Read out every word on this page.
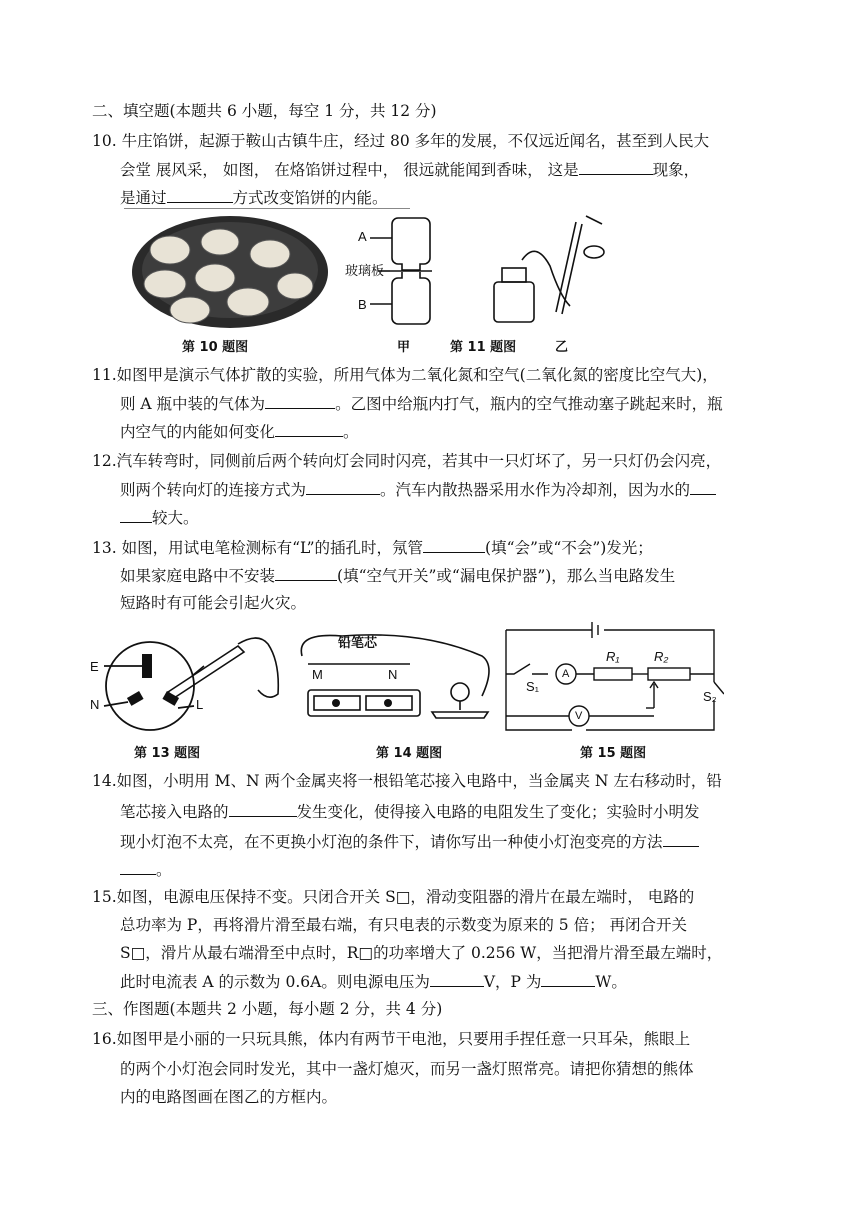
二、填空题(本题共 6 小题，每空 1 分，共 12 分)
10. 牛庄馅饼，起源于鞍山古镇牛庄，经过 80 多年的发展，不仅远近闻名，甚至到人民大
会堂 展风采， 如图， 在烙馅饼过程中， 很远就能闻到香味， 这是	现象，
是通过	方式改变馅饼的内能。
第 10 题图
A
玻璃板
B
甲	第 11 题图	乙
11.如图甲是演示气体扩散的实验，所用气体为二氧化氮和空气(二氧化氮的密度比空气大)，
则 A 瓶中装的气体为	。乙图中给瓶内打气，瓶内的空气推动塞子跳起来时，瓶
内空气的内能如何变化	。
12.汽车转弯时，同侧前后两个转向灯会同时闪亮，若其中一只灯坏了，另一只灯仍会闪亮，
则两个转向灯的连接方式为	。汽车内散热器采用水作为冷却剂，因为水的
较大。
13. 如图，用试电笔检测标有“L”的插孔时，氖管	(填“会”或“不会”)发光；
如果家庭电路中不安装	(填“空气开关”或“漏电保护器”)，那么当电路发生
短路时有可能会引起火灾。
E
N	L
第 13 题图
铅笔芯
M	N
第 14 题图
S₁
S₂
R₁	R₂
A
V
第 15 题图
14.如图，小明用 M、N 两个金属夹将一根铅笔芯接入电路中，当金属夹 N 左右移动时，铅
笔芯接入电路的	发生变化，使得接入电路的电阻发生了变化；实验时小明发
现小灯泡不太亮，在不更换小灯泡的条件下，请你写出一种使小灯泡变亮的方法
。
15.如图，电源电压保持不变。只闭合开关 S□，滑动变阻器的滑片在最左端时， 电路的
总功率为 P，再将滑片滑至最右端，有只电表的示数变为原来的 5 倍； 再闭合开关
S□，滑片从最右端滑至中点时，R□的功率增大了 0.256 W，当把滑片滑至最左端时，
此时电流表 A 的示数为 0.6A。则电源电压为	V，P 为	W。
三、作图题(本题共 2 小题，每小题 2 分，共 4 分)
16.如图甲是小丽的一只玩具熊，体内有两节干电池，只要用手捏任意一只耳朵，熊眼上
的两个小灯泡会同时发光，其中一盏灯熄灭，而另一盏灯照常亮。请把你猜想的熊体
内的电路图画在图乙的方框内。
